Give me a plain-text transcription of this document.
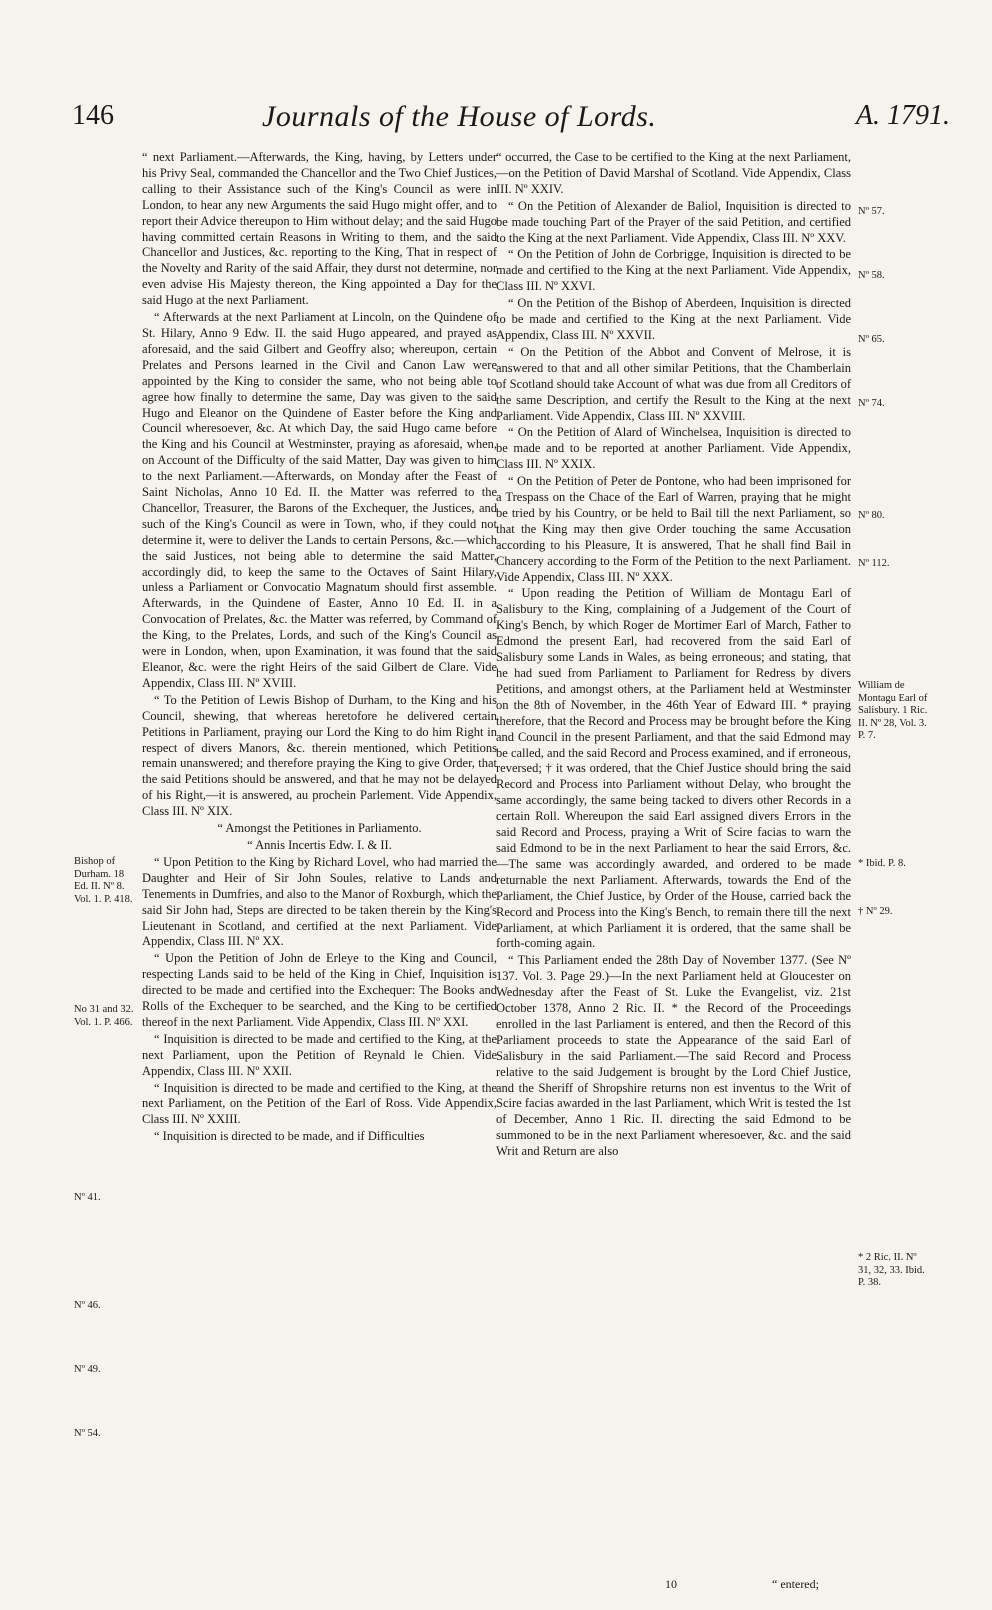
146	Journals of the House of Lords.	A. 1791.

“ next Parliament.—Afterwards, the King, having, by Letters under his Privy Seal, commanded the Chancellor and the Two Chief Justices, calling to their Assistance such of the King's Council as were in London, to hear any new Arguments the said Hugo might offer, and to report their Advice thereupon to Him without delay; and the said Hugo having committed certain Reasons in Writing to them, and the said Chancellor and Justices, &c. reporting to the King, That in respect of the Novelty and Rarity of the said Affair, they durst not determine, nor even advise His Majesty thereon, the King appointed a Day for the said Hugo at the next Parliament.

“ Afterwards at the next Parliament at Lincoln, on the Quindene of St. Hilary, Anno 9 Edw. II. the said Hugo appeared, and prayed as aforesaid, and the said Gilbert and Geoffry also; whereupon, certain Prelates and Persons learned in the Civil and Canon Law were appointed by the King to consider the same, who not being able to agree how finally to determine the same, Day was given to the said Hugo and Eleanor on the Quindene of Easter before the King and Council wheresoever, &c. At which Day, the said Hugo came before the King and his Council at Westminster, praying as aforesaid, when, on Account of the Difficulty of the said Matter, Day was given to him to the next Parliament.—Afterwards, on Monday after the Feast of Saint Nicholas, Anno 10 Ed. II. the Matter was referred to the Chancellor, Treasurer, the Barons of the Exchequer, the Justices, and such of the King's Council as were in Town, who, if they could not determine it, were to deliver the Lands to certain Persons, &c.—which the said Justices, not being able to determine the said Matter, accordingly did, to keep the same to the Octaves of Saint Hilary, unless a Parliament or Convocatio Magnatum should first assemble. Afterwards, in the Quindene of Easter, Anno 10 Ed. II. in a Convocation of Prelates, &c. the Matter was referred, by Command of the King, to the Prelates, Lords, and such of the King's Council as were in London, when, upon Examination, it was found that the said Eleanor, &c. were the right Heirs of the said Gilbert de Clare. Vide Appendix, Class III. Nº XVIII.

“ To the Petition of Lewis Bishop of Durham, to the King and his Council, shewing, that whereas heretofore he delivered certain Petitions in Parliament, praying our Lord the King to do him Right in respect of divers Manors, &c. therein mentioned, which Petitions remain unanswered; and therefore praying the King to give Order, that the said Petitions should be answered, and that he may not be delayed of his Right,—it is answered, au prochein Parlement. Vide Appendix, Class III. Nº XIX.

“ Amongst the Petitiones in Parliamento.

“ Annis Incertis Edw. I. & II.

“ Upon Petition to the King by Richard Lovel, who had married the Daughter and Heir of Sir John Soules, relative to Lands and Tenements in Dumfries, and also to the Manor of Roxburgh, which the said Sir John had, Steps are directed to be taken therein by the King's Lieutenant in Scotland, and certified at the next Parliament. Vide Appendix, Class III. Nº XX.

“ Upon the Petition of John de Erleye to the King and Council, respecting Lands said to be held of the King in Chief, Inquisition is directed to be made and certified into the Exchequer: The Books and Rolls of the Exchequer to be searched, and the King to be certified thereof in the next Parliament. Vide Appendix, Class III. Nº XXI.

“ Inquisition is directed to be made and certified to the King, at the next Parliament, upon the Petition of Reynald le Chien. Vide Appendix, Class III. Nº XXII.

“ Inquisition is directed to be made and certified to the King, at the next Parliament, on the Petition of the Earl of Ross. Vide Appendix, Class III. Nº XXIII.

“ Inquisition is directed to be made, and if Difficulties

“ occurred, the Case to be certified to the King at the next Parliament,—on the Petition of David Marshal of Scotland. Vide Appendix, Class III. Nº XXIV.

“ On the Petition of Alexander de Baliol, Inquisition is directed to be made touching Part of the Prayer of the said Petition, and certified to the King at the next Parliament. Vide Appendix, Class III. Nº XXV.

“ On the Petition of John de Corbrigge, Inquisition is directed to be made and certified to the King at the next Parliament. Vide Appendix, Class III. Nº XXVI.

“ On the Petition of the Bishop of Aberdeen, Inquisition is directed to be made and certified to the King at the next Parliament. Vide Appendix, Class III. Nº XXVII.

“ On the Petition of the Abbot and Convent of Melrose, it is answered to that and all other similar Petitions, that the Chamberlain of Scotland should take Account of what was due from all Creditors of the same Description, and certify the Result to the King at the next Parliament. Vide Appendix, Class III. Nº XXVIII.

“ On the Petition of Alard of Winchelsea, Inquisition is directed to be made and to be reported at another Parliament. Vide Appendix, Class III. Nº XXIX.

“ On the Petition of Peter de Pontone, who had been imprisoned for a Trespass on the Chace of the Earl of Warren, praying that he might be tried by his Country, or be held to Bail till the next Parliament, so that the King may then give Order touching the same Accusation according to his Pleasure, It is answered, That he shall find Bail in Chancery according to the Form of the Petition to the next Parliament. Vide Appendix, Class III. Nº XXX.

“ Upon reading the Petition of William de Montagu Earl of Salisbury to the King, complaining of a Judgement of the Court of King's Bench, by which Roger de Mortimer Earl of March, Father to Edmond the present Earl, had recovered from the said Earl of Salisbury some Lands in Wales, as being erroneous; and stating, that he had sued from Parliament to Parliament for Redress by divers Petitions, and amongst others, at the Parliament held at Westminster on the 8th of November, in the 46th Year of Edward III. * praying therefore, that the Record and Process may be brought before the King and Council in the present Parliament, and that the said Edmond may be called, and the said Record and Process examined, and if erroneous, reversed; † it was ordered, that the Chief Justice should bring the said Record and Process into Parliament without Delay, who brought the same accordingly, the same being tacked to divers other Records in a certain Roll. Whereupon the said Earl assigned divers Errors in the said Record and Process, praying a Writ of Scire facias to warn the said Edmond to be in the next Parliament to hear the said Errors, &c.—The same was accordingly awarded, and ordered to be made returnable the next Parliament. Afterwards, towards the End of the Parliament, the Chief Justice, by Order of the House, carried back the Record and Process into the King's Bench, to remain there till the next Parliament, at which Parliament it is ordered, that the same shall be forth-coming again.

“ This Parliament ended the 28th Day of November 1377. (See Nº 137. Vol. 3. Page 29.)—In the next Parliament held at Gloucester on Wednesday after the Feast of St. Luke the Evangelist, viz. 21st October 1378, Anno 2 Ric. II. * the Record of the Proceedings enrolled in the last Parliament is entered, and then the Record of this Parliament proceeds to state the Appearance of the said Earl of Salisbury in the said Parliament.—The said Record and Process relative to the said Judgement is brought by the Lord Chief Justice, and the Sheriff of Shropshire returns non est inventus to the Writ of Scire facias awarded in the last Parliament, which Writ is tested the 1st of December, Anno 1 Ric. II. directing the said Edmond to be summoned to be in the next Parliament wheresoever, &c. and the said Writ and Return are also

Bishop of Durham. 18 Ed. II. Nº 8. Vol. 1. P. 418.
No 31 and 32. Vol. 1. P. 466.
Nº 41.
Nº 46.
Nº 49.
Nº 54.
Nº 57.
Nº 58.
Nº 65.
Nº 74.
Nº 80.
Nº 112.
William de Montagu Earl of Salisbury. 1 Ric. II. Nº 28, Vol. 3. P. 7.
* Ibid. P. 8.
† Nº 29.
* 2 Ric. II. Nº 31, 32, 33. Ibid. P. 38.
10	“ entered;
